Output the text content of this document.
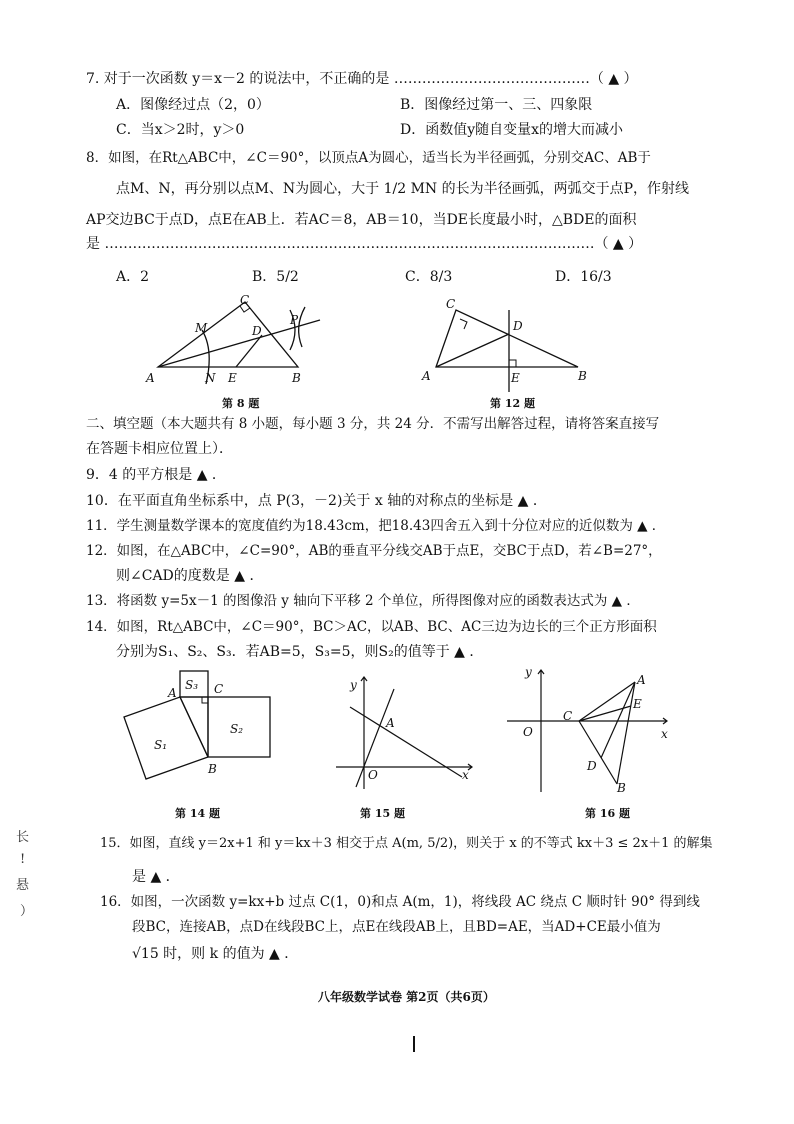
7. 对于一次函数 y＝x－2 的说法中，不正确的是 ……………………………………（ ▲ ）
A．图像经过点（2，0）	B．图像经过第一、三、四象限
C．当x＞2时，y＞0	D．函数值y随自变量x的增大而减小
8．如图，在Rt△ABC中，∠C＝90°，以顶点A为圆心，适当长为半径画弧，分别交AC、AB于
点M、N，再分别以点M、N为圆心，大于 1/2 MN 的长为半径画弧，两弧交于点P，作射线
AP交边BC于点D，点E在AB上．若AC＝8，AB＝10，当DE长度最小时，△BDE的面积
是 ……………………………………………………………………………………………（ ▲ ）
A．2	B．5/2	C．8/3	D．16/3
C
M	D
P
A	N E	B
第 8 题
C
D
A	E	B
第 12 题
二、填空题（本大题共有 8 小题，每小题 3 分，共 24 分．不需写出解答过程，请将答案直接写
在答题卡相应位置上）．
9．4 的平方根是 ▲ ．
10．在平面直角坐标系中，点 P(3，－2)关于 x 轴的对称点的坐标是 ▲ ．
11．学生测量数学课本的宽度值约为18.43cm，把18.43四舍五入到十分位对应的近似数为 ▲ ．
12．如图，在△ABC中，∠C=90°，AB的垂直平分线交AB于点E，交BC于点D，若∠B=27°，
则∠CAD的度数是 ▲ ．
13．将函数 y=5x－1 的图像沿 y 轴向下平移 2 个单位，所得图像对应的函数表达式为 ▲ ．
14．如图，Rt△ABC中，∠C＝90°，BC＞AC，以AB、BC、AC三边为边长的三个正方形面积
分别为S₁、S₂、S₃．若AB=5，S₃=5，则S₂的值等于 ▲ ．
S₃
A	C
S₁
S₂
B
第 14 题
y
A
O	x
第 15 题
y
A
E
C
O	x
D
B
第 16 题
15．如图，直线 y＝2x+1 和 y＝kx＋3 相交于点 A(m, 5/2)，则关于 x 的不等式 kx＋3 ≤ 2x＋1 的解集
是 ▲ ．
16．如图，一次函数 y=kx+b 过点 C(1，0)和点 A(m，1)，将线段 AC 绕点 C 顺时针 90° 得到线
段BC，连接AB，点D在线段BC上，点E在线段AB上，且BD=AE，当AD+CE最小值为
√15 时，则 k 的值为 ▲ ．
八年级数学试卷 第2页（共6页）
长
!
悬
）
